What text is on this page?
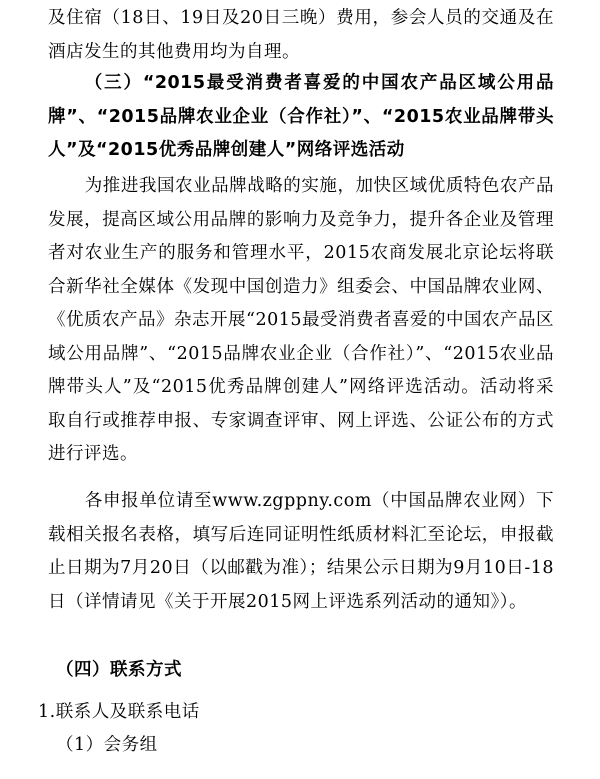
及住宿（18日、19日及20日三晚）费用，参会人员的交通及在酒店发生的其他费用均为自理。

（三）“2015最受消费者喜爱的中国农产品区域公用品牌”、“2015品牌农业企业（合作社）”、“2015农业品牌带头人”及“2015优秀品牌创建人”网络评选活动

为推进我国农业品牌战略的实施，加快区域优质特色农产品发展，提高区域公用品牌的影响力及竞争力，提升各企业及管理者对农业生产的服务和管理水平，2015农商发展北京论坛将联合新华社全媒体《发现中国创造力》组委会、中国品牌农业网、《优质农产品》杂志开展“2015最受消费者喜爱的中国农产品区域公用品牌”、“2015品牌农业企业（合作社）”、“2015农业品牌带头人”及“2015优秀品牌创建人”网络评选活动。活动将采取自行或推荐申报、专家调查评审、网上评选、公证公布的方式进行评选。

各申报单位请至www.zgppny.com（中国品牌农业网）下载相关报名表格，填写后连同证明性纸质材料汇至论坛，申报截止日期为7月20日（以邮戳为准）；结果公示日期为9月10日-18日（详情请见《关于开展2015网上评选系列活动的通知》）。

（四）联系方式

1.联系人及联系电话

（1）会务组
